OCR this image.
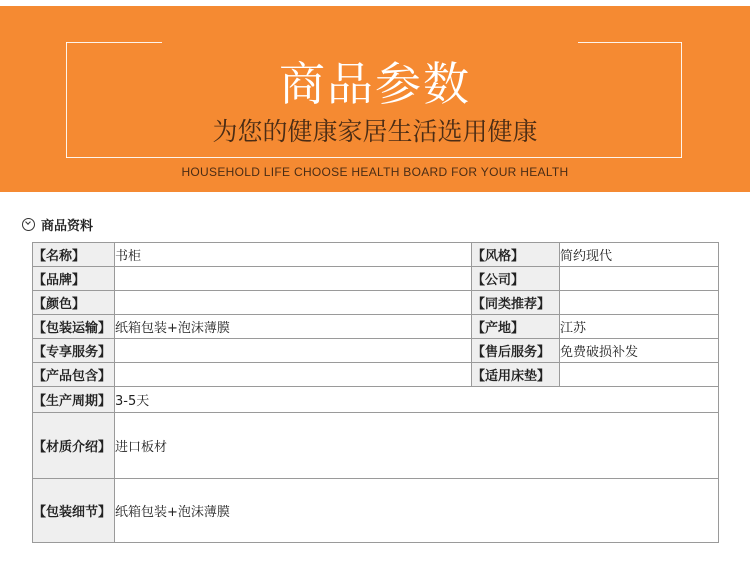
商品参数
为您的健康家居生活选用健康
HOUSEHOLD LIFE CHOOSE HEALTH BOARD FOR YOUR HEALTH
商品资料
【名称】	书柜	【风格】	简约现代
【品牌】		【公司】	
【颜色】		【同类推荐】	
【包装运输】	纸箱包装+泡沫薄膜	【产地】	江苏
【专享服务】		【售后服务】	免费破损补发
【产品包含】		【适用床垫】	
【生产周期】	3-5天		
【材质介绍】	进口板材		
【包装细节】	纸箱包装+泡沫薄膜		
